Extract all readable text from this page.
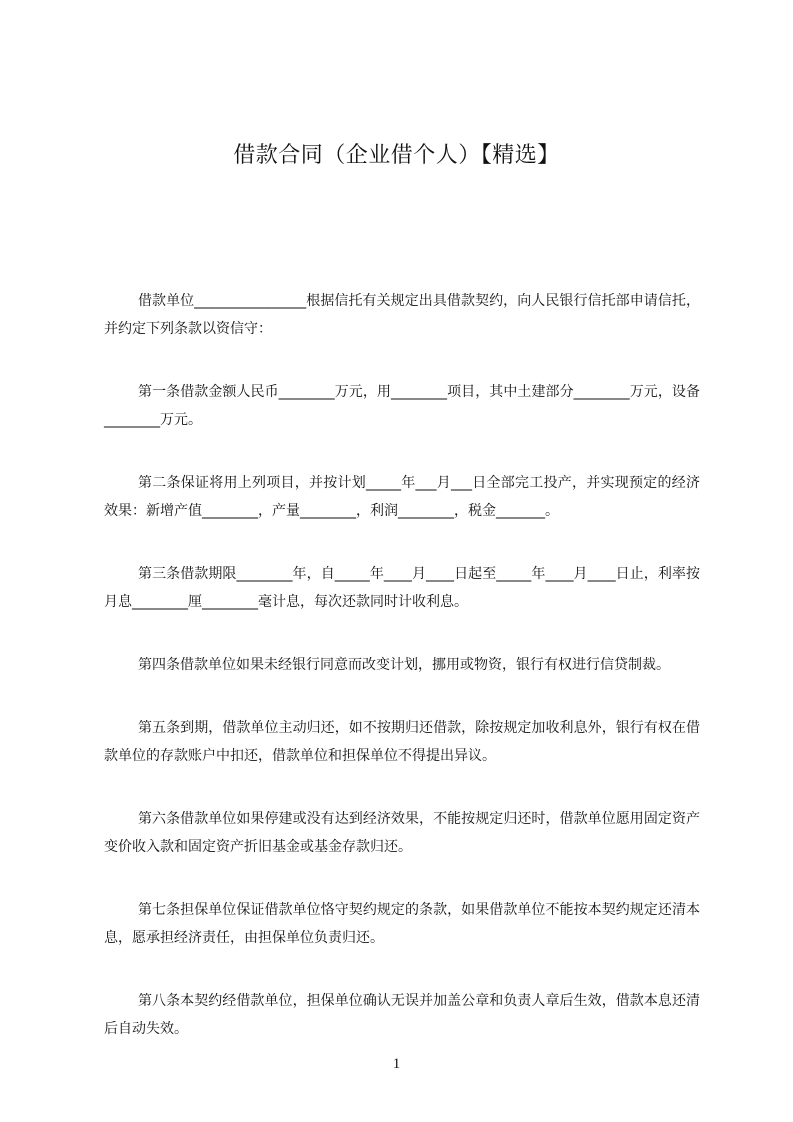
借款合同（企业借个人）【精选】

借款单位________________根据信托有关规定出具借款契约，向人民银行信托部申请信托，并约定下列条款以资信守：

第一条借款金额人民币________万元，用________项目，其中土建部分________万元，设备________万元。

第二条保证将用上列项目，并按计划_____年___月___日全部完工投产，并实现预定的经济效果：新增产值________，产量________，利润________，税金_______。

第三条借款期限________年，自_____年____月____日起至_____年____月____日止，利率按月息________厘________毫计息，每次还款同时计收利息。

第四条借款单位如果未经银行同意而改变计划，挪用或物资，银行有权进行信贷制裁。

第五条到期，借款单位主动归还，如不按期归还借款，除按规定加收利息外，银行有权在借款单位的存款账户中扣还，借款单位和担保单位不得提出异议。

第六条借款单位如果停建或没有达到经济效果，不能按规定归还时，借款单位愿用固定资产变价收入款和固定资产折旧基金或基金存款归还。

第七条担保单位保证借款单位恪守契约规定的条款，如果借款单位不能按本契约规定还清本息，愿承担经济责任，由担保单位负责归还。

第八条本契约经借款单位，担保单位确认无误并加盖公章和负责人章后生效，借款本息还清后自动失效。

1
